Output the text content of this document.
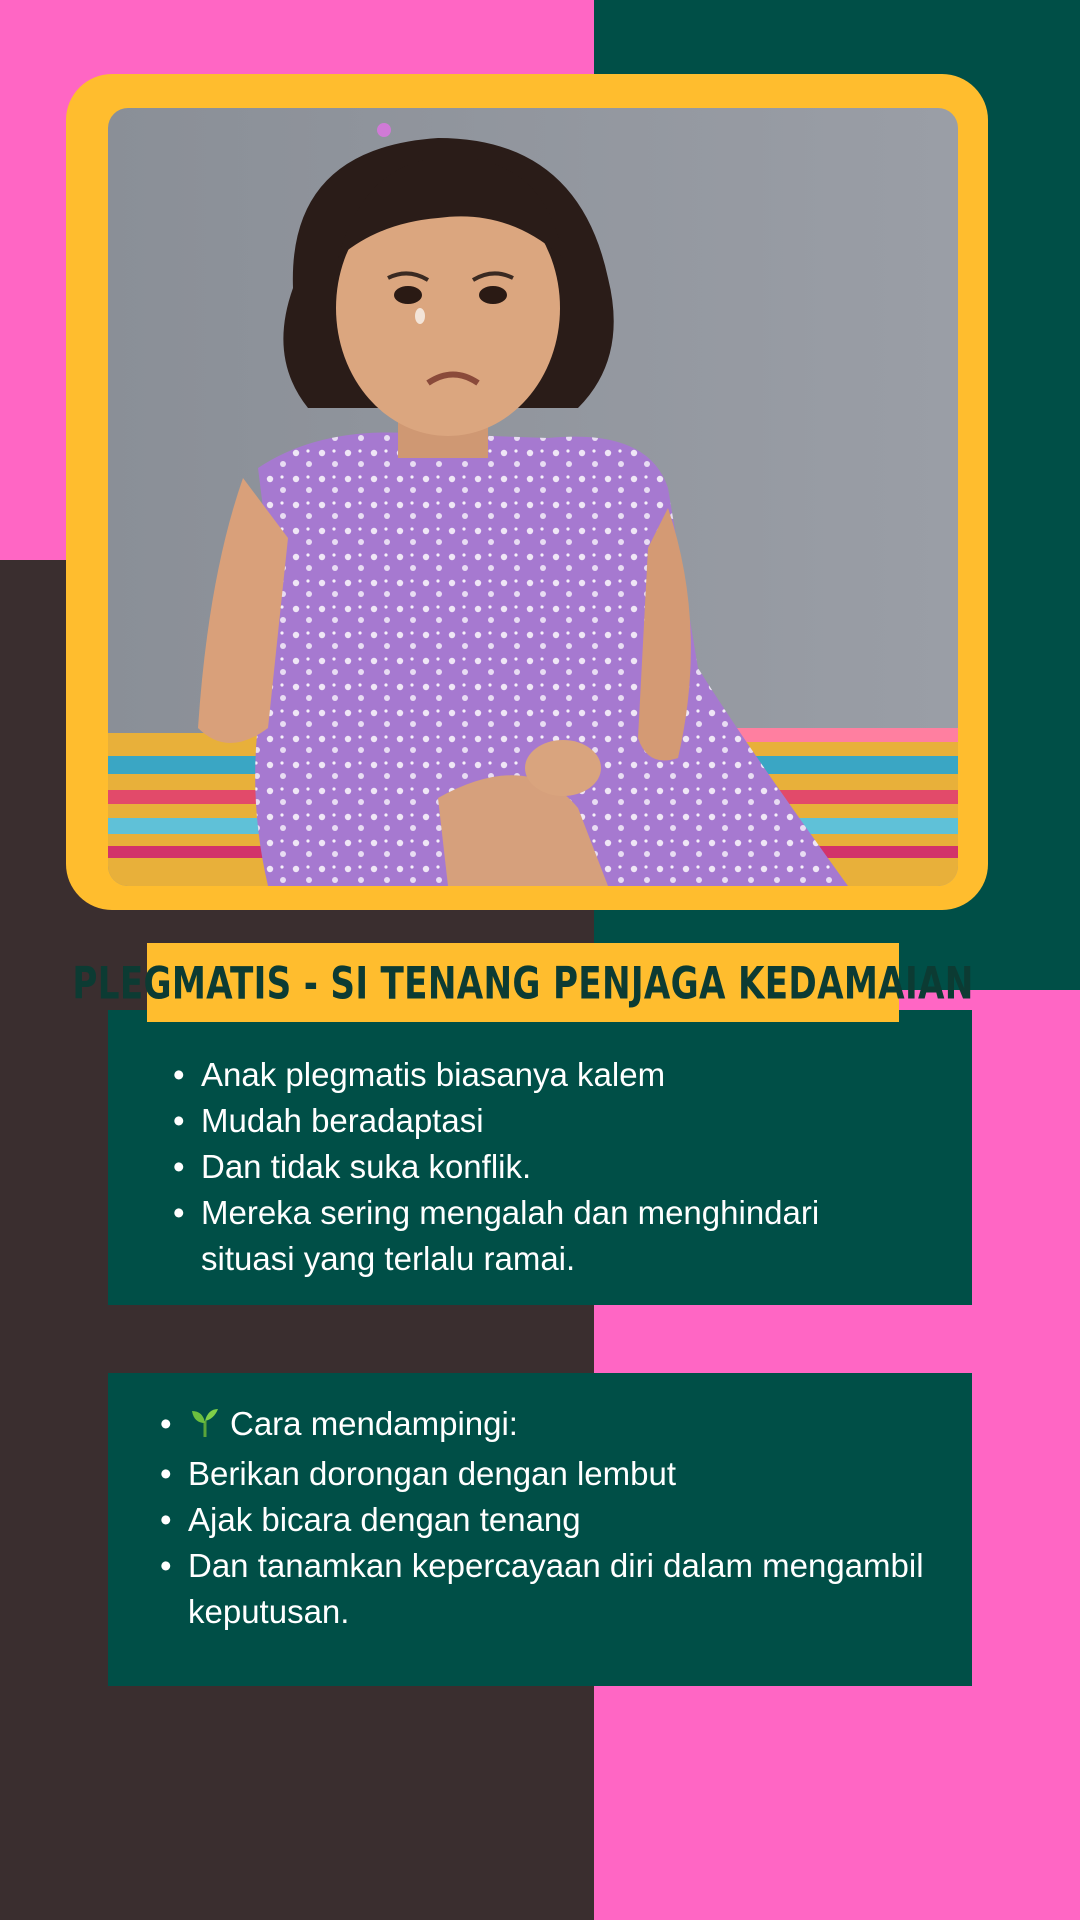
PLEGMATIS - SI TENANG PENJAGA KEDAMAIAN
• Anak plegmatis biasanya kalem
• Mudah beradaptasi
• Dan tidak suka konflik.
• Mereka sering mengalah dan menghindari situasi yang terlalu ramai.
• Cara mendampingi:
• Berikan dorongan dengan lembut
• Ajak bicara dengan tenang
• Dan tanamkan kepercayaan diri dalam mengambil keputusan.
